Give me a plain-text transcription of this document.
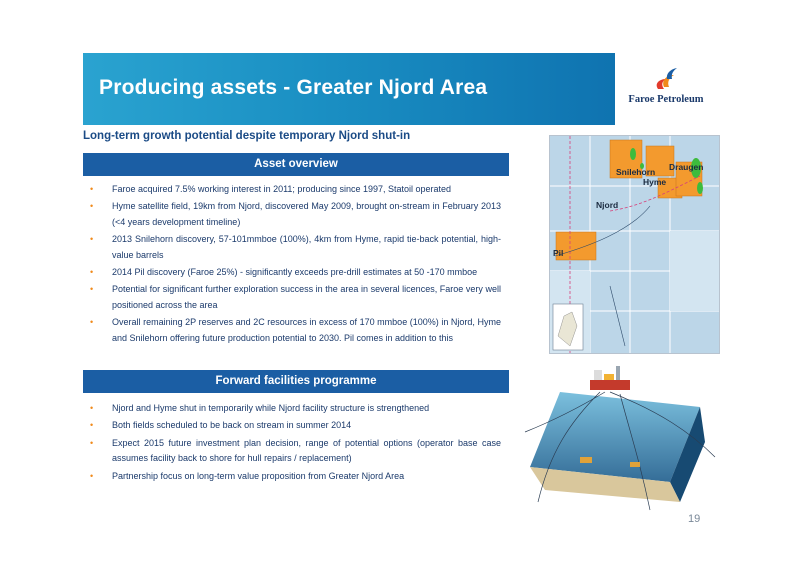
Producing assets - Greater Njord Area
Faroe Petroleum
Long-term growth potential despite temporary Njord shut-in
Asset overview
• Faroe acquired 7.5% working interest in 2011; producing since 1997, Statoil operated
• Hyme satellite field, 19km from Njord, discovered May 2009, brought on-stream in February 2013 (<4 years development timeline)
• 2013 Snilehorn discovery, 57-101mmboe (100%), 4km from Hyme, rapid tie-back potential, high-value barrels
• 2014 Pil discovery (Faroe 25%) - significantly exceeds pre-drill estimates at 50 -170 mmboe
• Potential for significant further exploration success in the area in several licences, Faroe very well positioned across the area
• Overall remaining 2P reserves and 2C resources in excess of 170 mmboe (100%) in Njord, Hyme and Snilehorn offering future production potential to 2030. Pil comes in addition to this
Forward facilities programme
• Njord and Hyme shut in temporarily while Njord facility structure is strengthened
• Both fields scheduled to be back on stream in summer 2014
• Expect 2015 future investment plan decision, range of potential options (operator base case assumes facility back to shore for hull repairs / replacement)
• Partnership focus on long-term value proposition from Greater Njord Area
Snilehorn Draugen
Hyme
Njord
Pil
19
